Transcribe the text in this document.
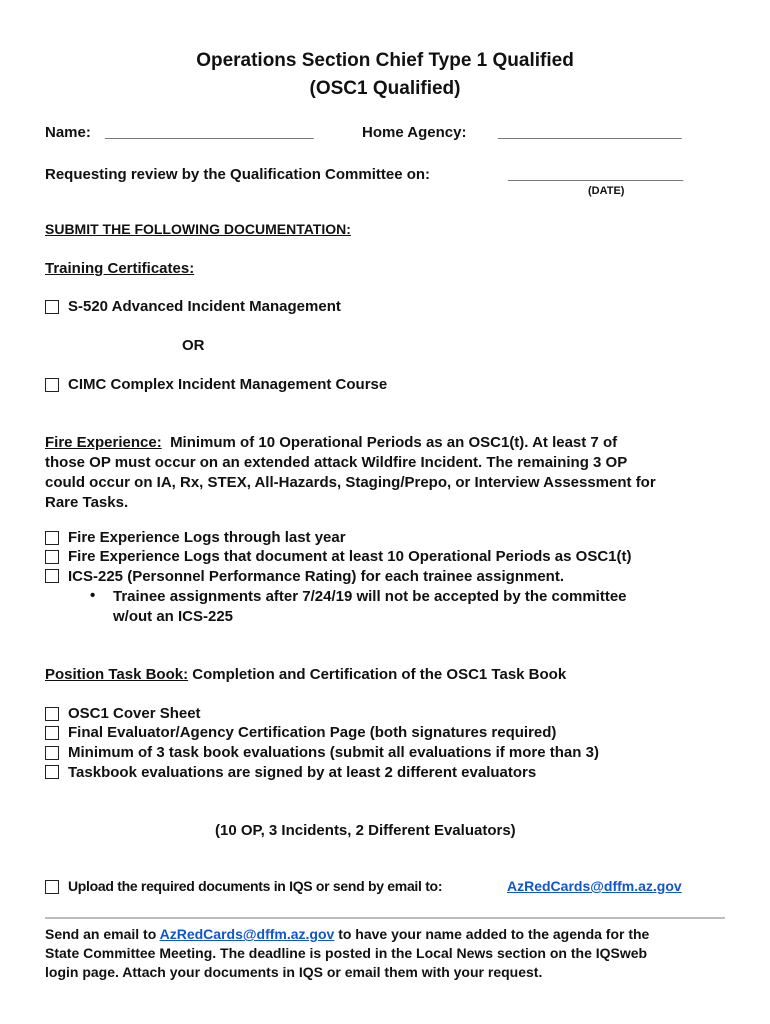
Operations Section Chief Type 1 Qualified
(OSC1 Qualified)
Name: _________________________	Home Agency: ______________________
Requesting review by the Qualification Committee on:	_____________________
(DATE)
SUBMIT THE FOLLOWING DOCUMENTATION:
Training Certificates:
S-520 Advanced Incident Management
OR
CIMC Complex Incident Management Course
Fire Experience: Minimum of 10 Operational Periods as an OSC1(t). At least 7 of
those OP must occur on an extended attack Wildfire Incident. The remaining 3 OP
could occur on IA, Rx, STEX, All-Hazards, Staging/Prepo, or Interview Assessment for
Rare Tasks.
Fire Experience Logs through last year
Fire Experience Logs that document at least 10 Operational Periods as OSC1(t)
ICS-225 (Personnel Performance Rating) for each trainee assignment.
• Trainee assignments after 7/24/19 will not be accepted by the committee
w/out an ICS-225
Position Task Book: Completion and Certification of the OSC1 Task Book
OSC1 Cover Sheet
Final Evaluator/Agency Certification Page (both signatures required)
Minimum of 3 task book evaluations (submit all evaluations if more than 3)
Taskbook evaluations are signed by at least 2 different evaluators
(10 OP, 3 Incidents, 2 Different Evaluators)
Upload the required documents in IQS or send by email to:	AzRedCards@dffm.az.gov
Send an email to AzRedCards@dffm.az.gov to have your name added to the agenda for the
State Committee Meeting. The deadline is posted in the Local News section on the IQSweb
login page. Attach your documents in IQS or email them with your request.
